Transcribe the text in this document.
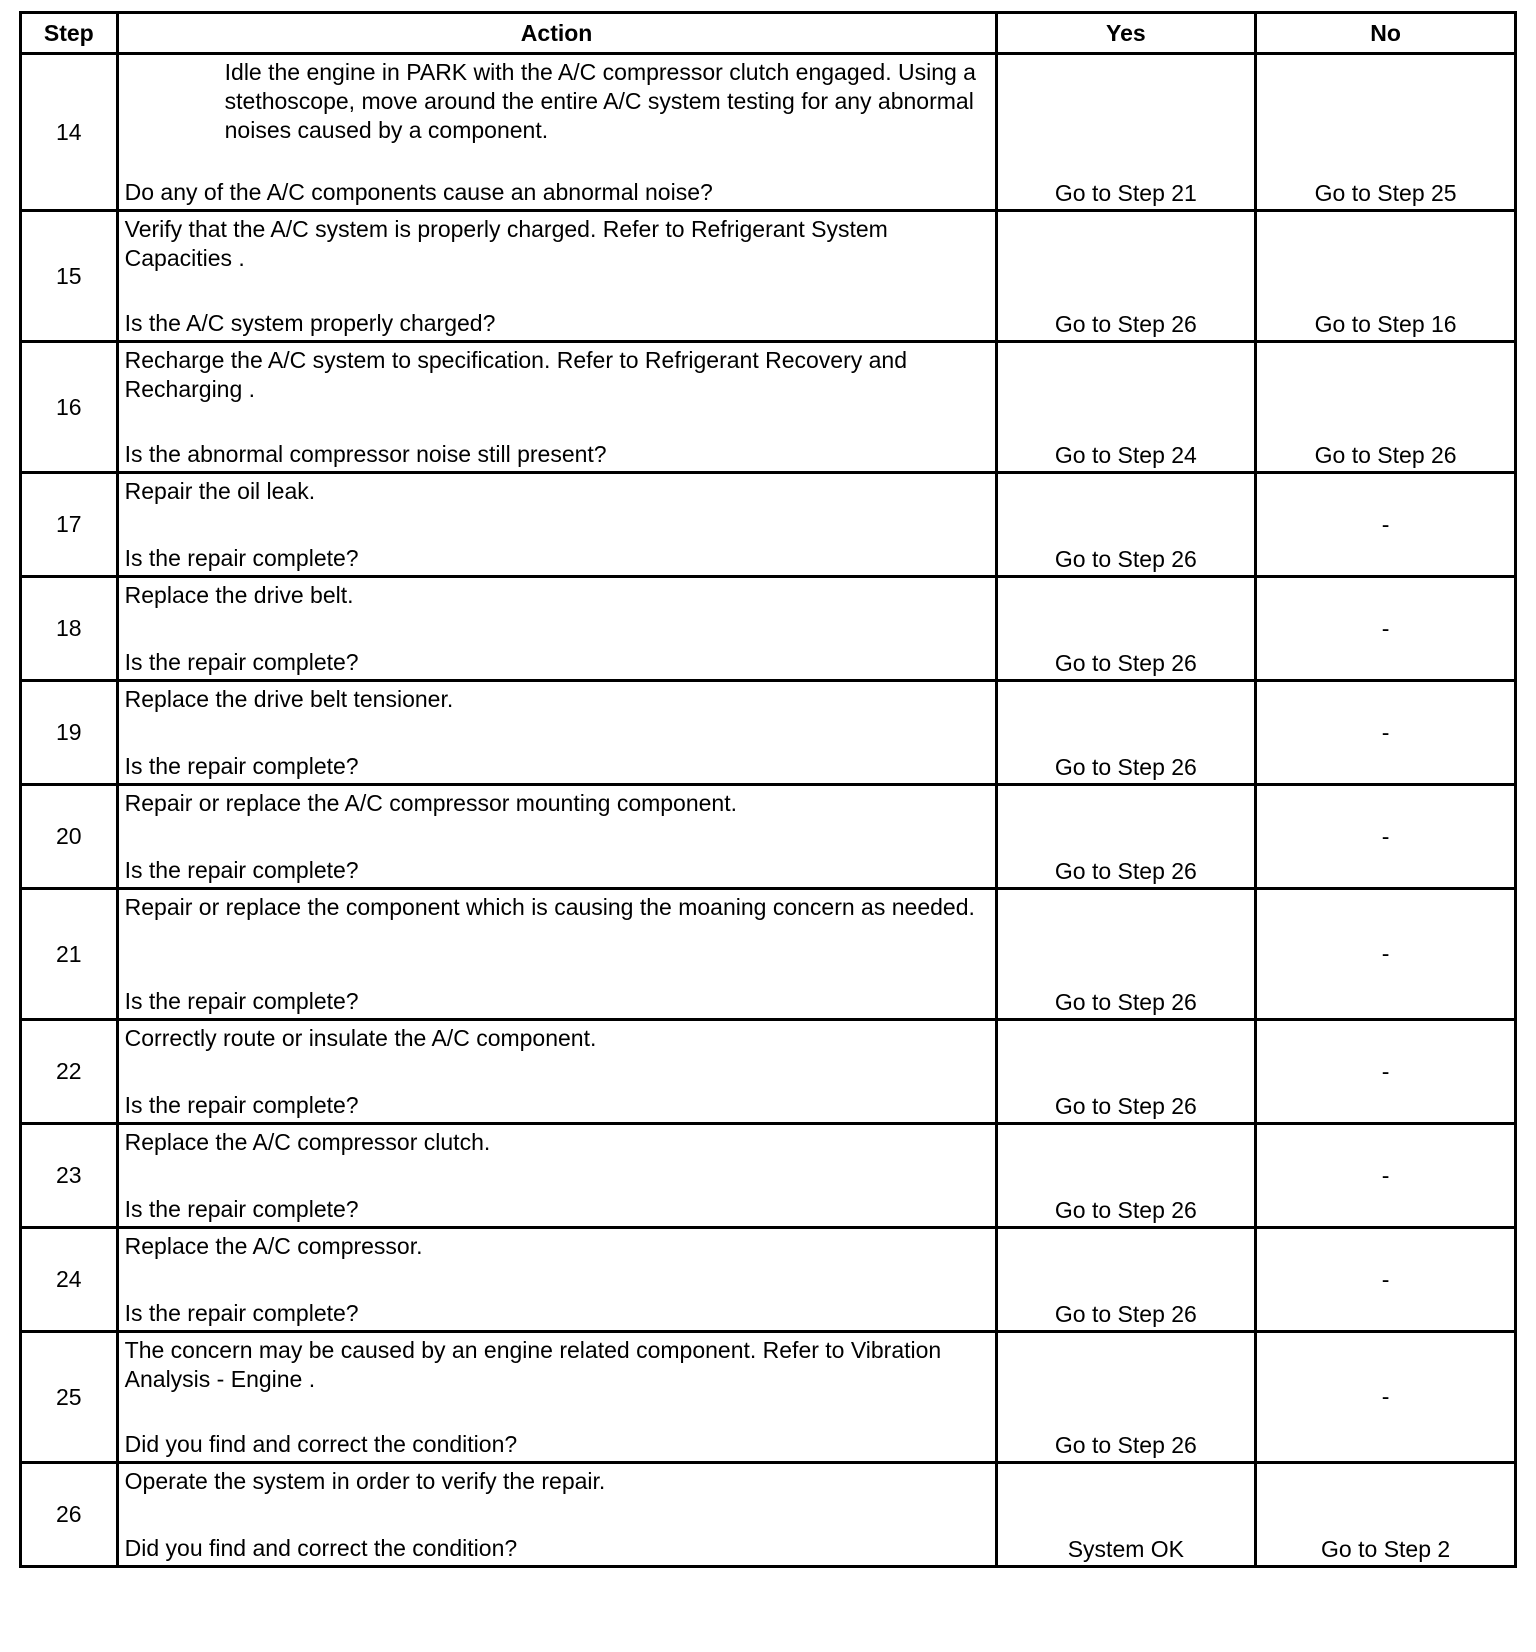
Step	Action	Yes	No
14	Idle the engine in PARK with the A/C compressor clutch engaged. Using a stethoscope, move around the entire A/C system testing for any abnormal noises caused by a component.
Do any of the A/C components cause an abnormal noise?	Go to Step 21	Go to Step 25

15	Verify that the A/C system is properly charged. Refer to Refrigerant System Capacities .
Is the A/C system properly charged?	Go to Step 26	Go to Step 16

16	Recharge the A/C system to specification. Refer to Refrigerant Recovery and Recharging .
Is the abnormal compressor noise still present?	Go to Step 24	Go to Step 26

17	Repair the oil leak.
Is the repair complete?	Go to Step 26	-

18	Replace the drive belt.
Is the repair complete?	Go to Step 26	-

19	Replace the drive belt tensioner.
Is the repair complete?	Go to Step 26	-

20	Repair or replace the A/C compressor mounting component.
Is the repair complete?	Go to Step 26	-

21	Repair or replace the component which is causing the moaning concern as needed.
Is the repair complete?	Go to Step 26	-

22	Correctly route or insulate the A/C component.
Is the repair complete?	Go to Step 26	-

23	Replace the A/C compressor clutch.
Is the repair complete?	Go to Step 26	-

24	Replace the A/C compressor.
Is the repair complete?	Go to Step 26	-

25	The concern may be caused by an engine related component. Refer to Vibration Analysis - Engine .
Did you find and correct the condition?	Go to Step 26	-

26	Operate the system in order to verify the repair.
Did you find and correct the condition?	System OK	Go to Step 2
